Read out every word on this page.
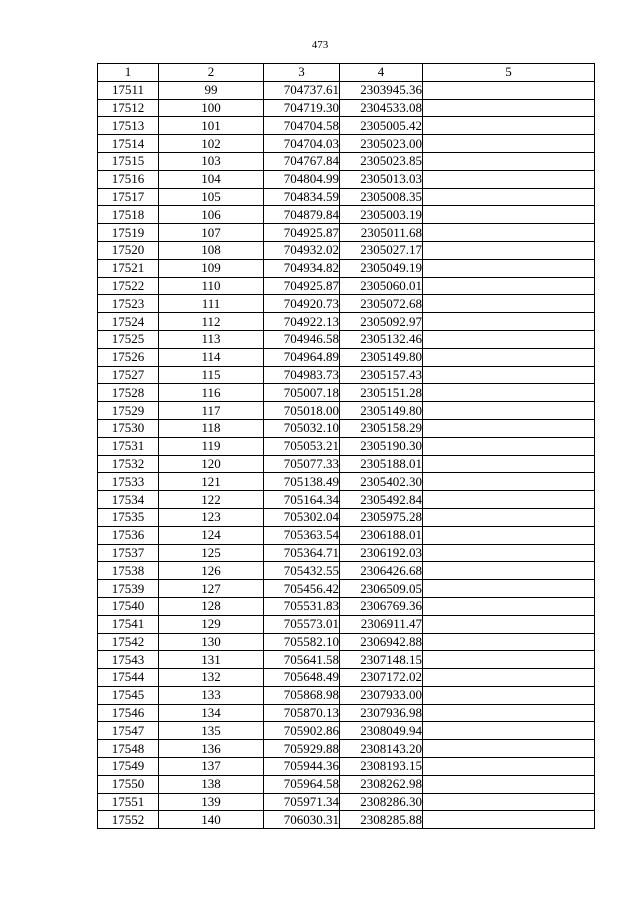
473
1	2	3	4	5
17511	99	704737.61	2303945.36	
17512	100	704719.30	2304533.08	
17513	101	704704.58	2305005.42	
17514	102	704704.03	2305023.00	
17515	103	704767.84	2305023.85	
17516	104	704804.99	2305013.03	
17517	105	704834.59	2305008.35	
17518	106	704879.84	2305003.19	
17519	107	704925.87	2305011.68	
17520	108	704932.02	2305027.17	
17521	109	704934.82	2305049.19	
17522	110	704925.87	2305060.01	
17523	111	704920.73	2305072.68	
17524	112	704922.13	2305092.97	
17525	113	704946.58	2305132.46	
17526	114	704964.89	2305149.80	
17527	115	704983.73	2305157.43	
17528	116	705007.18	2305151.28	
17529	117	705018.00	2305149.80	
17530	118	705032.10	2305158.29	
17531	119	705053.21	2305190.30	
17532	120	705077.33	2305188.01	
17533	121	705138.49	2305402.30	
17534	122	705164.34	2305492.84	
17535	123	705302.04	2305975.28	
17536	124	705363.54	2306188.01	
17537	125	705364.71	2306192.03	
17538	126	705432.55	2306426.68	
17539	127	705456.42	2306509.05	
17540	128	705531.83	2306769.36	
17541	129	705573.01	2306911.47	
17542	130	705582.10	2306942.88	
17543	131	705641.58	2307148.15	
17544	132	705648.49	2307172.02	
17545	133	705868.98	2307933.00	
17546	134	705870.13	2307936.98	
17547	135	705902.86	2308049.94	
17548	136	705929.88	2308143.20	
17549	137	705944.36	2308193.15	
17550	138	705964.58	2308262.98	
17551	139	705971.34	2308286.30	
17552	140	706030.31	2308285.88	
